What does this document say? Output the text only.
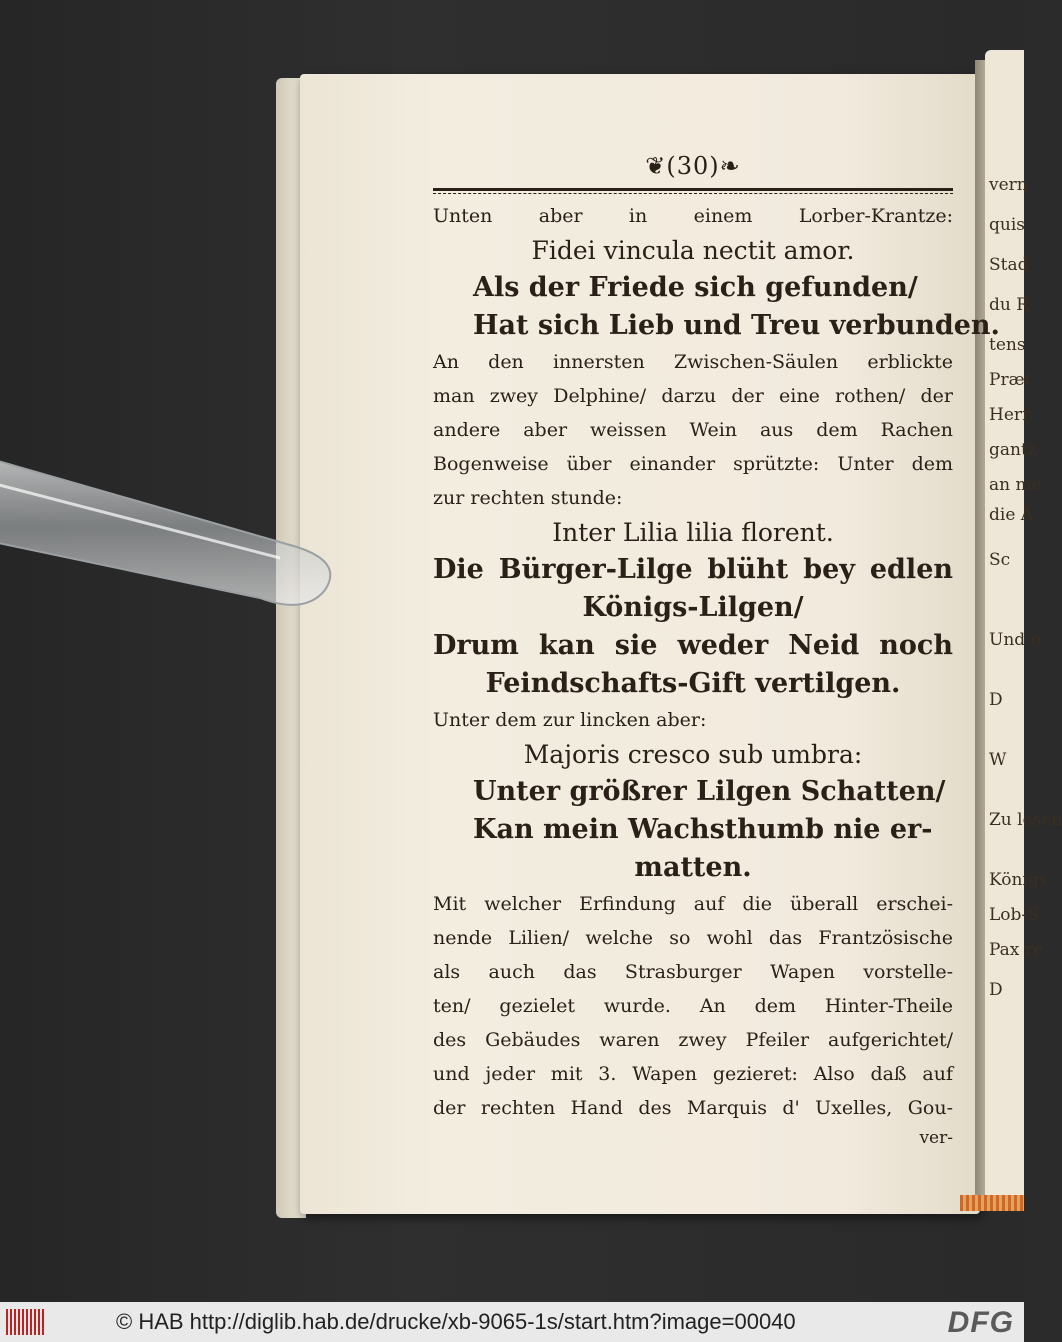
vern
quis
Stad
du R
tens
Præt
Herr
gantz
an me
die A
Sc
Und o
D
W
Zu lesen
Königs
Lob-S
Pax re
D
❦(30)❧
Unten aber in einem Lorber-Krantze:
Fidei vincula nectit amor.
Als der Friede sich gefunden/
Hat sich Lieb und Treu verbunden.
An den innersten Zwischen-Säulen erblickte
man zwey Delphine/ darzu der eine rothen/ der
andere aber weissen Wein aus dem Rachen
Bogenweise über einander sprützte: Unter dem
zur rechten stunde:
Inter Lilia lilia florent.
Die Bürger-Lilge blüht bey edlen
Königs-Lilgen/
Drum kan sie weder Neid noch
Feindschafts-Gift vertilgen.
Unter dem zur lincken aber:
Majoris cresco sub umbra:
Unter größrer Lilgen Schatten/
Kan mein Wachsthumb nie er-
matten.
Mit welcher Erfindung auf die überall erschei-
nende Lilien/ welche so wohl das Frantzösische
als auch das Strasburger Wapen vorstelle-
ten/ gezielet wurde. An dem Hinter-Theile
des Gebäudes waren zwey Pfeiler aufgerichtet/
und jeder mit 3. Wapen gezieret: Also daß auf
der rechten Hand des Marquis d' Uxelles, Gou-
ver-
© HAB http://diglib.hab.de/drucke/xb-9065-1s/start.htm?image=00040	DFG
